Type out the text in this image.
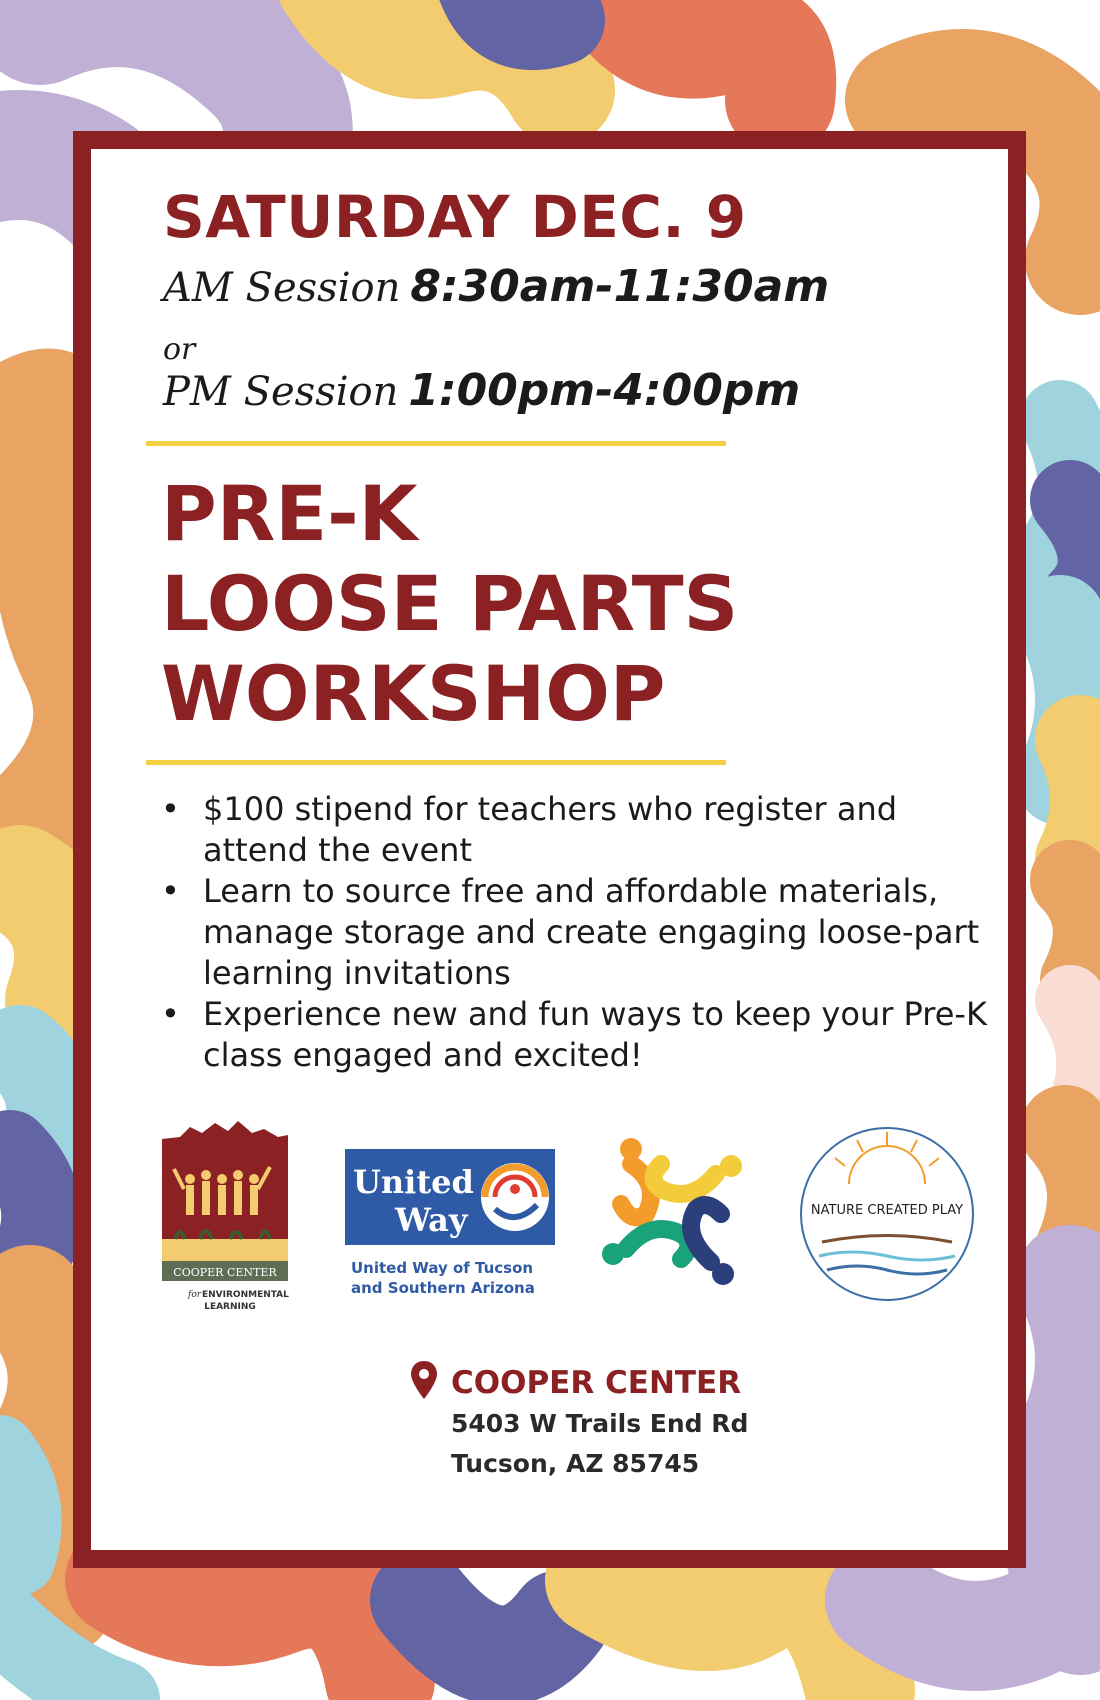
SATURDAY DEC. 9
AM Session 8:30am-11:30am
or
PM Session 1:00pm-4:00pm
PRE-K
LOOSE PARTS
WORKSHOP
• $100 stipend for teachers who register and attend the event
• Learn to source free and affordable materials, manage storage and create engaging loose-part learning invitations
• Experience new and fun ways to keep your Pre-K class engaged and excited!
COOPER CENTER
for ENVIRONMENTAL
LEARNING
United
Way
United Way of Tucson
and Southern Arizona
NATURE CREATED PLAY
COOPER CENTER
5403 W Trails End Rd
Tucson, AZ 85745
